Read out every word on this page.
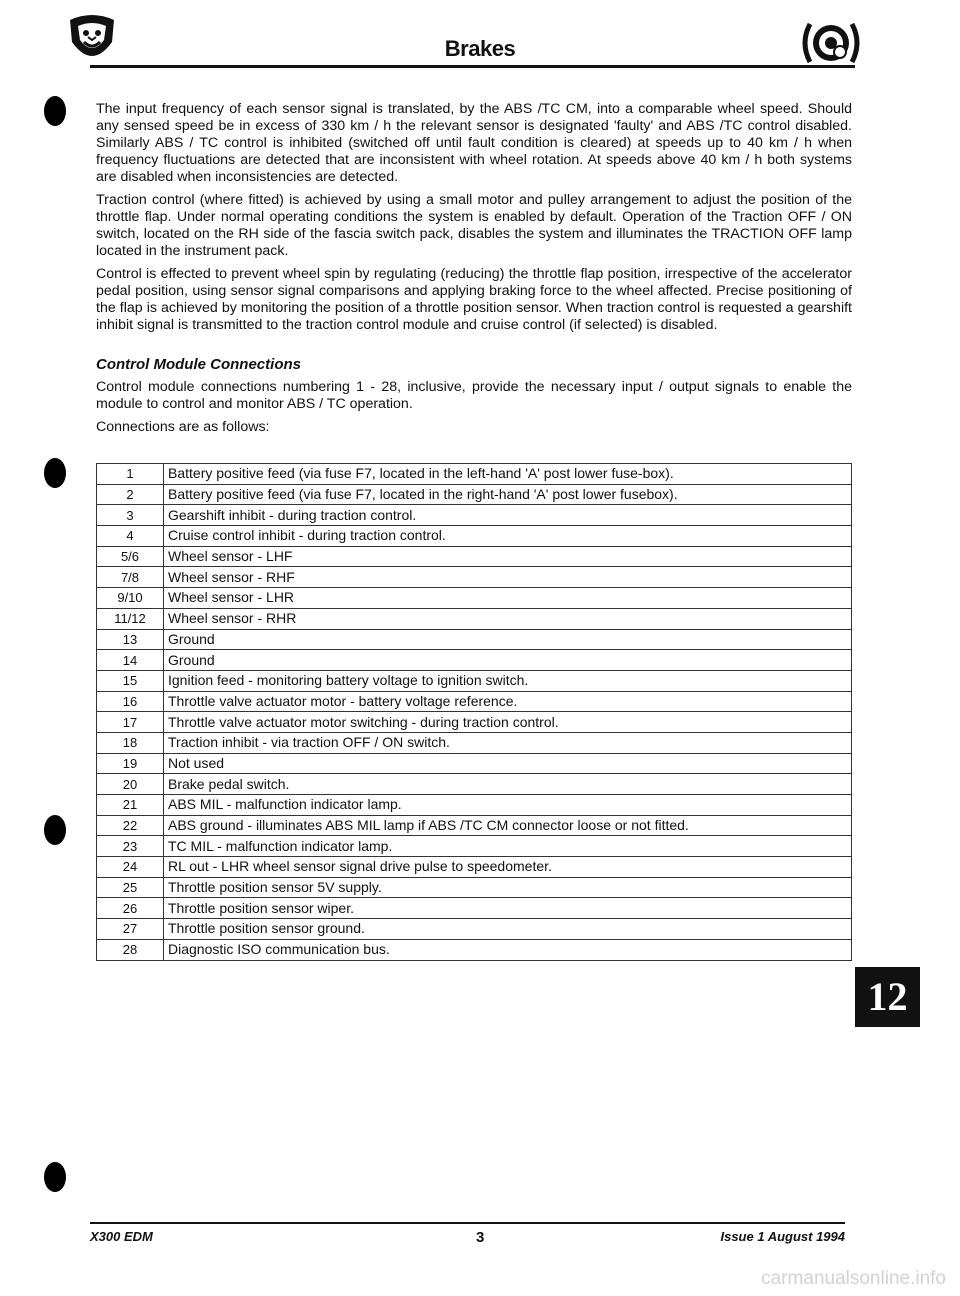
Brakes

The input frequency of each sensor signal is translated, by the ABS /TC CM, into a comparable wheel speed. Should any sensed speed be in excess of 330 km / h the relevant sensor is designated 'faulty' and ABS /TC control disabled. Similarly ABS / TC control is inhibited (switched off until fault condition is cleared) at speeds up to 40 km / h when frequency fluctuations are detected that are inconsistent with wheel rotation. At speeds above 40 km / h both systems are disabled when inconsistencies are detected.

Traction control (where fitted) is achieved by using a small motor and pulley arrangement to adjust the position of the throttle flap. Under normal operating conditions the system is enabled by default. Operation of the Traction OFF / ON switch, located on the RH side of the fascia switch pack, disables the system and illuminates the TRACTION OFF lamp located in the instrument pack.

Control is effected to prevent wheel spin by regulating (reducing) the throttle flap position, irrespective of the accelerator pedal position, using sensor signal comparisons and applying braking force to the wheel affected. Precise positioning of the flap is achieved by monitoring the position of a throttle position sensor. When traction control is requested a gearshift inhibit signal is transmitted to the traction control module and cruise control (if selected) is disabled.

Control Module Connections

Control module connections numbering 1 - 28, inclusive, provide the necessary input / output signals to enable the module to control and monitor ABS / TC operation.

Connections are as follows:

1	Battery positive feed (via fuse F7, located in the left-hand 'A' post lower fuse-box).
2	Battery positive feed (via fuse F7, located in the right-hand 'A' post lower fusebox).
3	Gearshift inhibit - during traction control.
4	Cruise control inhibit - during traction control.
5/6	Wheel sensor - LHF
7/8	Wheel sensor - RHF
9/10	Wheel sensor - LHR
11/12	Wheel sensor - RHR
13	Ground
14	Ground
15	Ignition feed - monitoring battery voltage to ignition switch.
16	Throttle valve actuator motor - battery voltage reference.
17	Throttle valve actuator motor switching - during traction control.
18	Traction inhibit - via traction OFF / ON switch.
19	Not used
20	Brake pedal switch.
21	ABS MIL - malfunction indicator lamp.
22	ABS ground - illuminates ABS MIL lamp if ABS /TC CM connector loose or not fitted.
23	TC MIL - malfunction indicator lamp.
24	RL out - LHR wheel sensor signal drive pulse to speedometer.
25	Throttle position sensor 5V supply.
26	Throttle position sensor wiper.
27	Throttle position sensor ground.
28	Diagnostic ISO communication bus.
12
X300 EDM	3	Issue 1 August 1994
carmanualsonline.info
